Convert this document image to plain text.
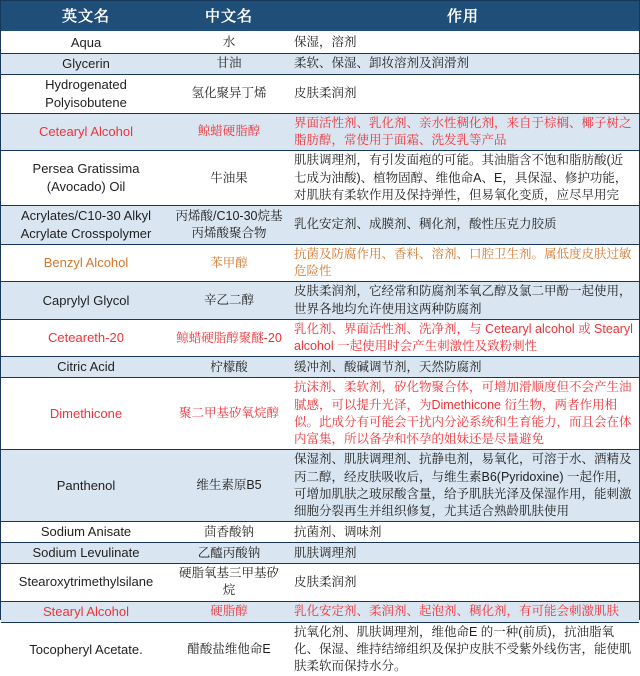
英文名	中文名	作用
Aqua	水	保湿，溶剂
Glycerin	甘油	柔软、保湿、卸妆溶剂及润滑剂
Hydrogenated Polyisobutene	氢化聚异丁烯	皮肤柔润剂
Cetearyl Alcohol	鲸蜡硬脂醇	界面活性剂、乳化剂、亲水性稠化剂，来自于棕榈、椰子树之脂肪醇，常使用于面霜、洗发乳等产品
Persea Gratissima (Avocado) Oil	牛油果	肌肤调理剂，有引发面疱的可能。其油脂含不饱和脂肪酸(近七成为油酸)、植物固醇、维他命A、E，具保湿、修护功能，对肌肤有柔软作用及保持弹性，但易氧化变质，应尽早用完
Acrylates/C10-30 Alkyl Acrylate Crosspolymer	丙烯酸/C10-30烷基丙烯酸聚合物	乳化安定剂、成膜剂、稠化剂，酸性压克力胶质
Benzyl Alcohol	苯甲醇	抗菌及防腐作用、香料、溶剂、口腔卫生剂。属低度皮肤过敏危险性
Caprylyl Glycol	辛乙二醇	皮肤柔润剂，它经常和防腐剂苯氧乙醇及氯二甲酚一起使用，世界各地均允许使用这两种防腐剂
Ceteareth-20	鲸蜡硬脂醇聚醚-20	乳化剂、界面活性剂、洗净剂，与 Cetearyl alcohol 或 Stearyl alcohol 一起使用时会产生刺激性及致粉刺性
Citric Acid	柠檬酸	缓冲剂、酸碱调节剂，天然防腐剂
Dimethicone	聚二甲基矽氧烷醇	抗沫剂、柔软剂，矽化物聚合体，可增加滑顺度但不会产生油腻感，可以提升光泽，为Dimethicone 衍生物，两者作用相似。此成分有可能会干扰内分泌系统和生育能力，而且会在体内富集，所以备孕和怀孕的姐妹还是尽量避免
Panthenol	维生素原B5	保湿剂、肌肤调理剂、抗静电剂，易氧化，可溶于水、酒精及丙二醇，经皮肤吸收后，与维生素B6(Pyridoxine) 一起作用，可增加肌肤之玻尿酸含量，给予肌肤光泽及保湿作用，能刺激细胞分裂再生并组织修复，尤其适合熟龄肌肤使用
Sodium Anisate	茴香酸钠	抗菌剂、调味剂
Sodium Levulinate	乙醯丙酸钠	肌肤调理剂
Stearoxytrimethylsilane	硬脂氧基三甲基矽烷	皮肤柔润剂
Stearyl Alcohol	硬脂醇	乳化安定剂、柔润剂、起泡剂、稠化剂，有可能会刺激肌肤
Tocopheryl Acetate.	醋酸盐维他命E	抗氧化剂、肌肤调理剂，维他命E 的一种(前质)，抗油脂氧化、保湿、维持结缔组织及保护皮肤不受紫外线伤害，能使肌肤柔软而保持水分。
